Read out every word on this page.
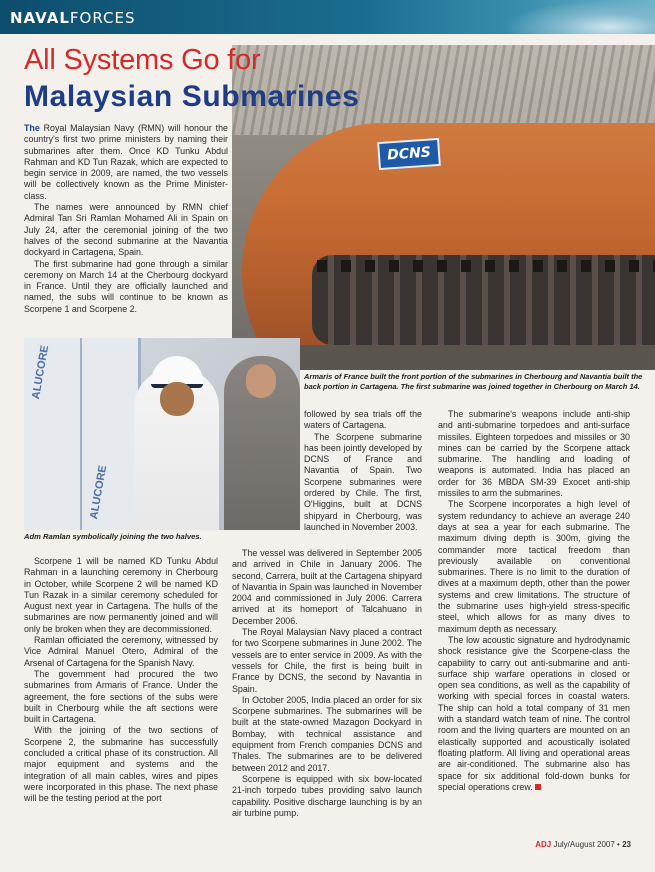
NAVALFORCES
DCNS
All Systems Go for
Malaysian Submarines
Armaris of France built the front portion of the submarines in Cherbourg and Navantia built the back portion in Cartagena. The first submarine was joined together in Cherbourg on March 14.
ALUCORE
ALUCORE
Adm Ramlan symbolically joining the two halves.

The Royal Malaysian Navy (RMN) will honour the country's first two prime ministers by naming their submarines after them. Once KD Tunku Abdul Rahman and KD Tun Razak, which are expected to begin service in 2009, are named, the two vessels will be collectively known as the Prime Minister-class.

The names were announced by RMN chief Admiral Tan Sri Ramlan Mohamed Ali in Spain on July 24, after the ceremonial joining of the two halves of the second submarine at the Navantia dockyard in Cartagena, Spain.

The first submarine had gone through a similar ceremony on March 14 at the Cherbourg dockyard in France. Until they are officially launched and named, the subs will continue to be known as Scorpene 1 and Scorpene 2.

Scorpene 1 will be named KD Tunku Abdul Rahman in a launching ceremony in Cherbourg in October, while Scorpene 2 will be named KD Tun Razak in a similar ceremony scheduled for August next year in Cartagena. The hulls of the submarines are now permanently joined and will only be broken when they are decommissioned.

Ramlan officiated the ceremony, witnessed by Vice Admiral Manuel Otero, Admiral of the Arsenal of Cartagena for the Spanish Navy.

The government had procured the two submarines from Armaris of France. Under the agreement, the fore sections of the subs were built in Cherbourg while the aft sections were built in Cartagena.

With the joining of the two sections of Scorpene 2, the submarine has successfully concluded a critical phase of its construction. All major equipment and systems and the integration of all main cables, wires and pipes were incorporated in this phase. The next phase will be the testing period at the port

followed by sea trials off the waters of Cartagena.

The Scorpene submarine has been jointly developed by DCNS of France and Navantia of Spain. Two Scorpene submarines were ordered by Chile. The first, O'Higgins, built at DCNS shipyard in Cherbourg, was launched in November 2003.

The vessel was delivered in September 2005 and arrived in Chile in January 2006. The second, Carrera, built at the Cartagena shipyard of Navantia in Spain was launched in November 2004 and commissioned in July 2006. Carrera arrived at its homeport of Talcahuano in December 2006.

The Royal Malaysian Navy placed a contract for two Scorpene submarines in June 2002. The vessels are to enter service in 2009. As with the vessels for Chile, the first is being built in France by DCNS, the second by Navantia in Spain.

In October 2005, India placed an order for six Scorpene submarines. The submarines will be built at the state-owned Mazagon Dockyard in Bombay, with technical assistance and equipment from French companies DCNS and Thales. The submarines are to be delivered between 2012 and 2017.

Scorpene is equipped with six bow-located 21-inch torpedo tubes providing salvo launch capability. Positive discharge launching is by an air turbine pump.

The submarine's weapons include anti-ship and anti-submarine torpedoes and anti-surface missiles. Eighteen torpedoes and missiles or 30 mines can be carried by the Scorpene attack submarine. The handling and loading of weapons is automated. India has placed an order for 36 MBDA SM-39 Exocet anti-ship missiles to arm the submarines.

The Scorpene incorporates a high level of system redundancy to achieve an average 240 days at sea a year for each submarine. The maximum diving depth is 300m, giving the commander more tactical freedom than previously available on conventional submarines. There is no limit to the duration of dives at a maximum depth, other than the power systems and crew limitations. The structure of the submarine uses high-yield stress-specific steel, which allows for as many dives to maximum depth as necessary.

The low acoustic signature and hydrodynamic shock resistance give the Scorpene-class the capability to carry out anti-submarine and anti-surface ship warfare operations in closed or open sea conditions, as well as the capability of working with special forces in coastal waters. The ship can hold a total company of 31 men with a standard watch team of nine. The control room and the living quarters are mounted on an elastically supported and acoustically isolated floating platform. All living and operational areas are air-conditioned. The submarine also has space for six additional fold-down bunks for special operations crew.

ADJ July/August 2007 • 23
